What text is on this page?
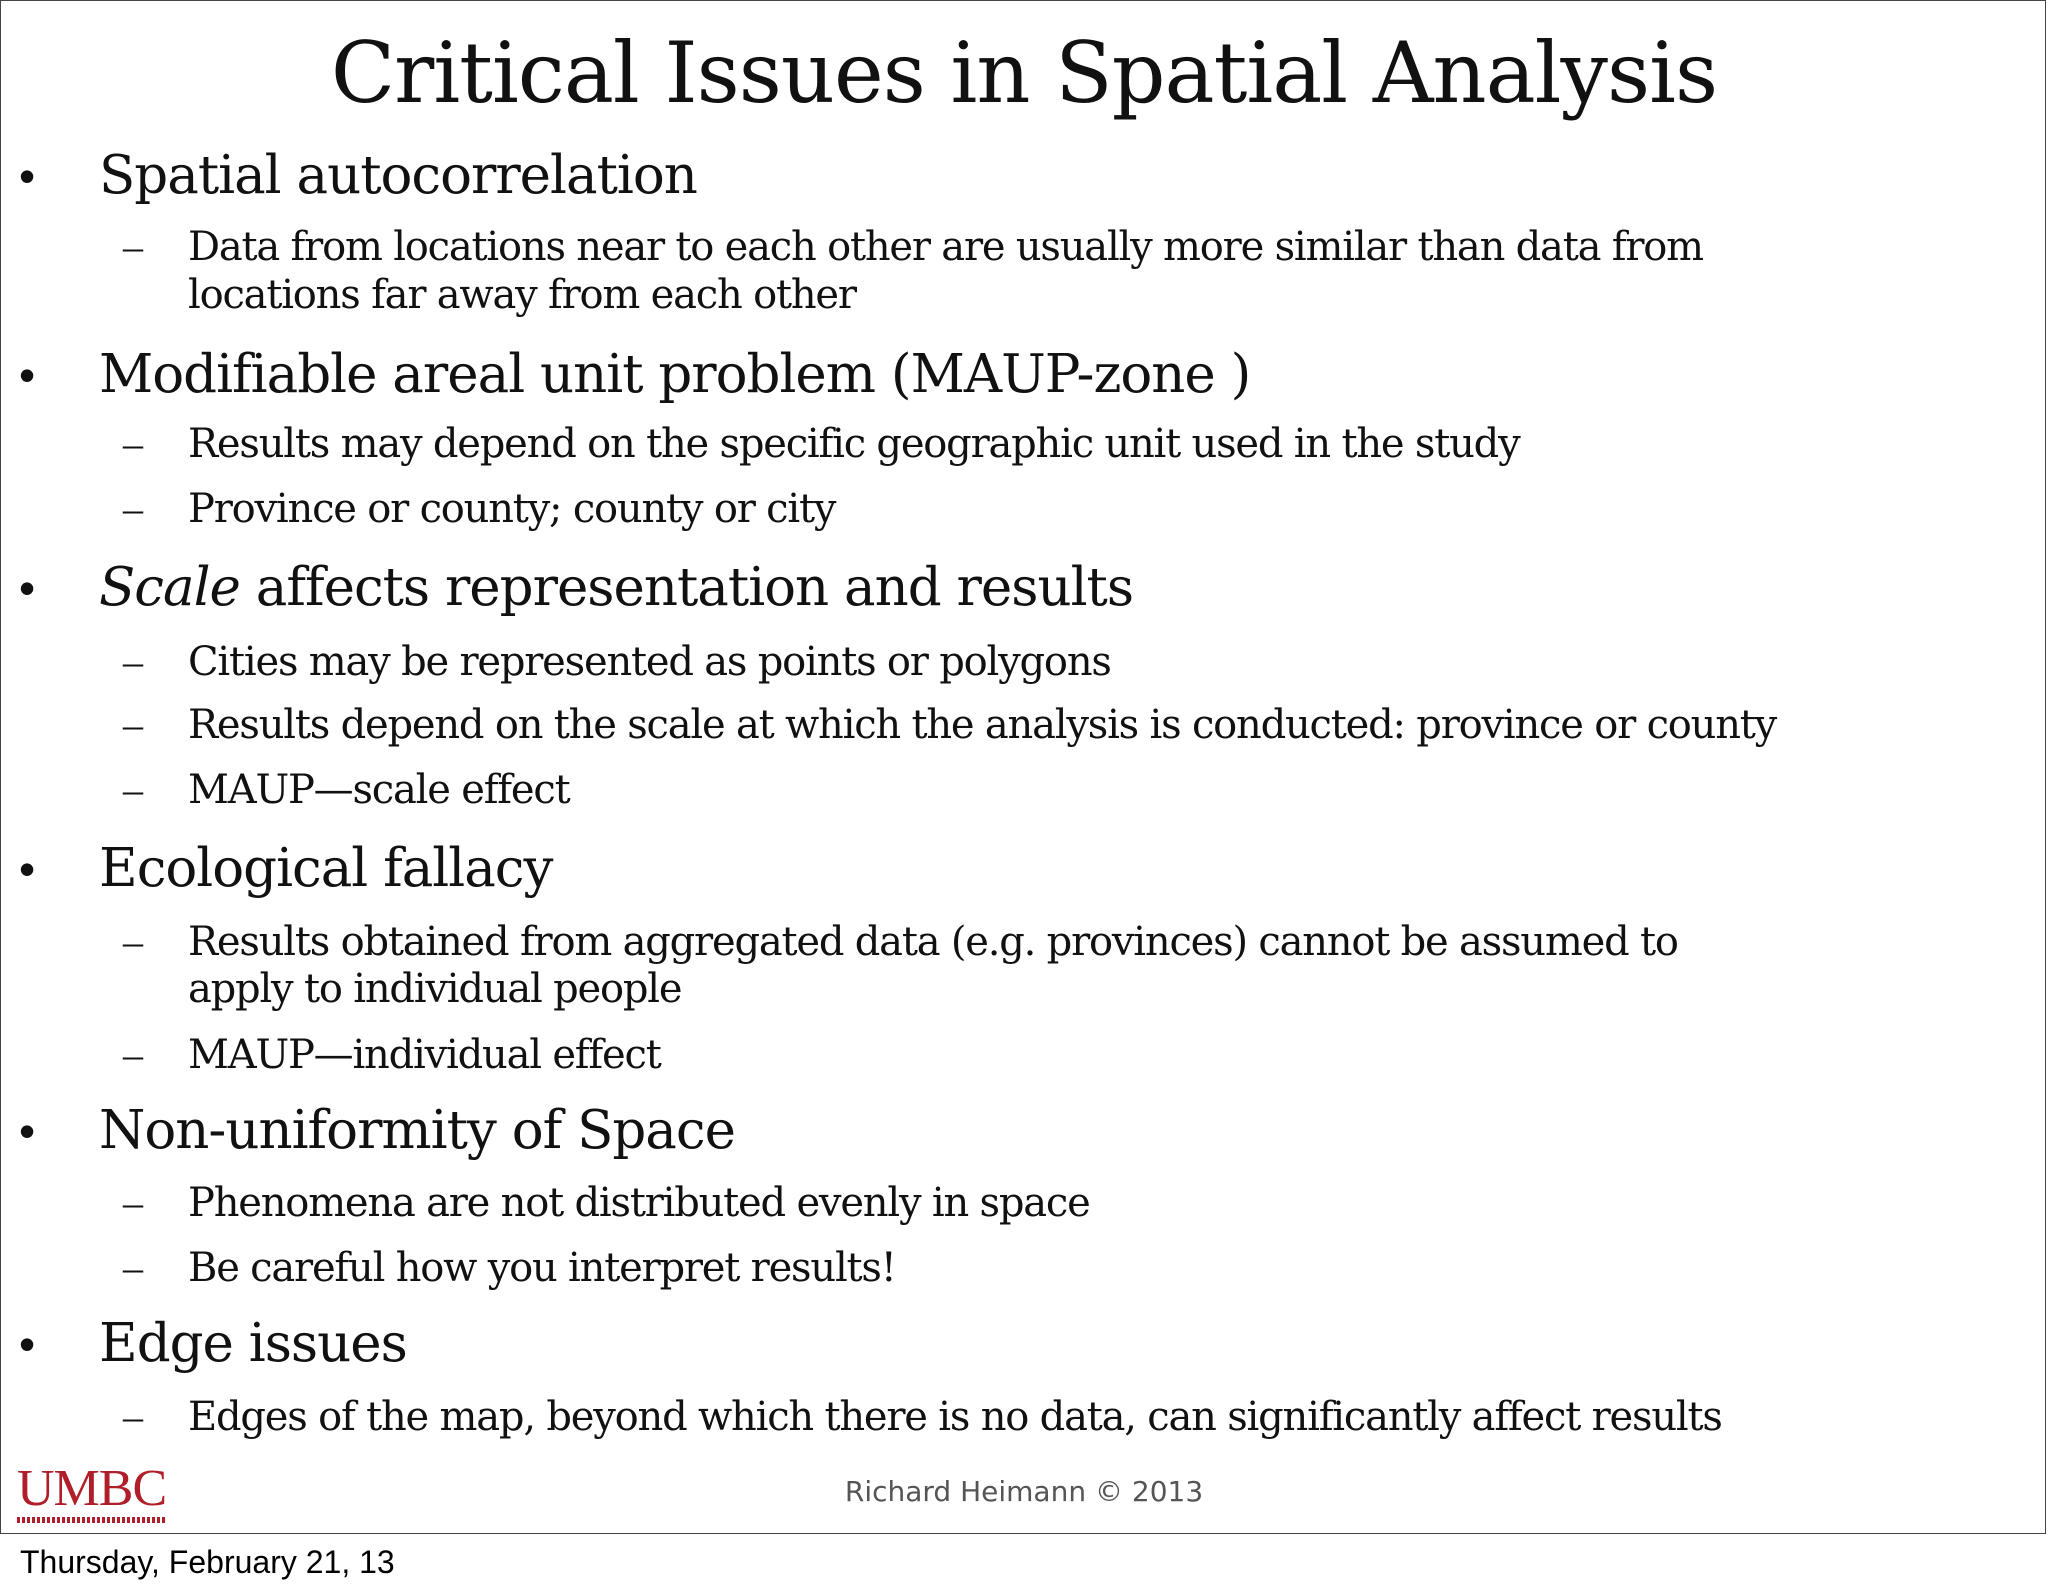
Critical Issues in Spatial Analysis
• Spatial autocorrelation
– Data from locations near to each other are usually more similar than data from
locations far away from each other
• Modifiable areal unit problem (MAUP-zone )
– Results may depend on the specific geographic unit used in the study
– Province or county; county or city
• Scale affects representation and results
– Cities may be represented as points or polygons
– Results depend on the scale at which the analysis is conducted: province or county
– MAUP—scale effect
• Ecological fallacy
– Results obtained from aggregated data (e.g. provinces) cannot be assumed to
apply to individual people
– MAUP—individual effect
• Non-uniformity of Space
– Phenomena are not distributed evenly in space
– Be careful how you interpret results!
• Edge issues
– Edges of the map, beyond which there is no data, can significantly affect results
UMBC	Richard Heimann © 2013
Thursday, February 21, 13
